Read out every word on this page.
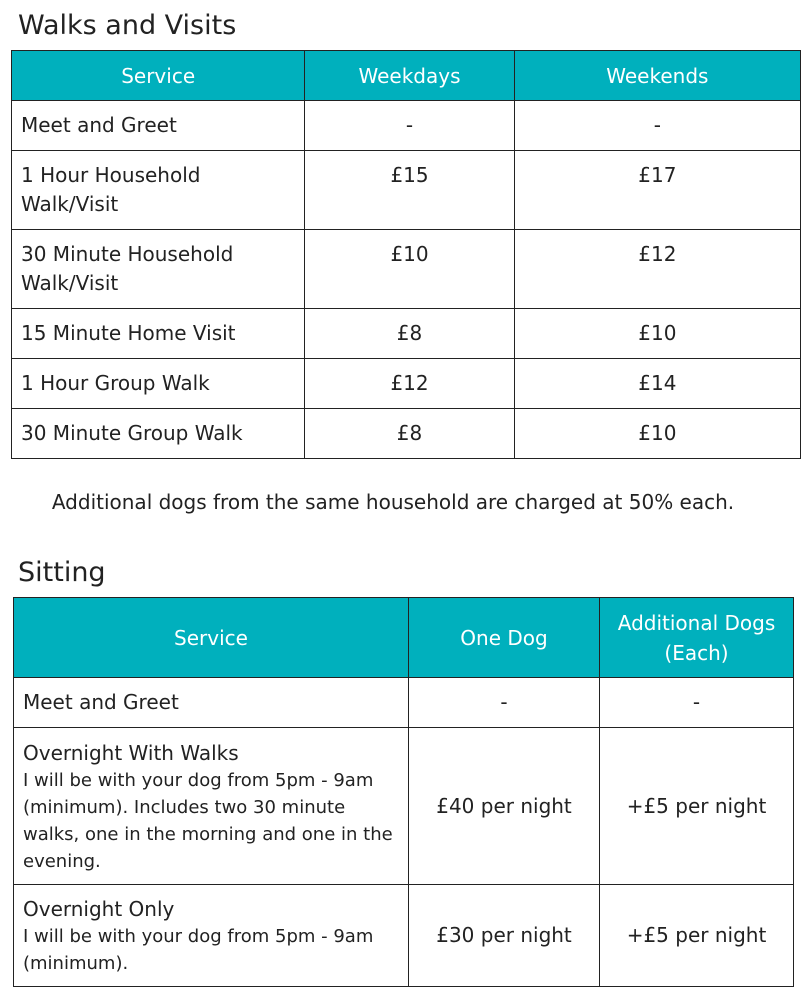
Walks and Visits
Service	Weekdays	Weekends
Meet and Greet	-	-
1 Hour Household Walk/Visit	£15	£17
30 Minute Household Walk/Visit	£10	£12
15 Minute Home Visit	£8	£10
1 Hour Group Walk	£12	£14
30 Minute Group Walk	£8	£10

Additional dogs from the same household are charged at 50% each.

Sitting
Service	One Dog	Additional Dogs (Each)
Meet and Greet	-	-

Overnight With Walks
I will be with your dog from 5pm - 9am (minimum). Includes two 30 minute walks, one in the morning and one in the evening.	£40 per night	+£5 per night

Overnight Only
I will be with your dog from 5pm - 9am (minimum).	£30 per night	+£5 per night
